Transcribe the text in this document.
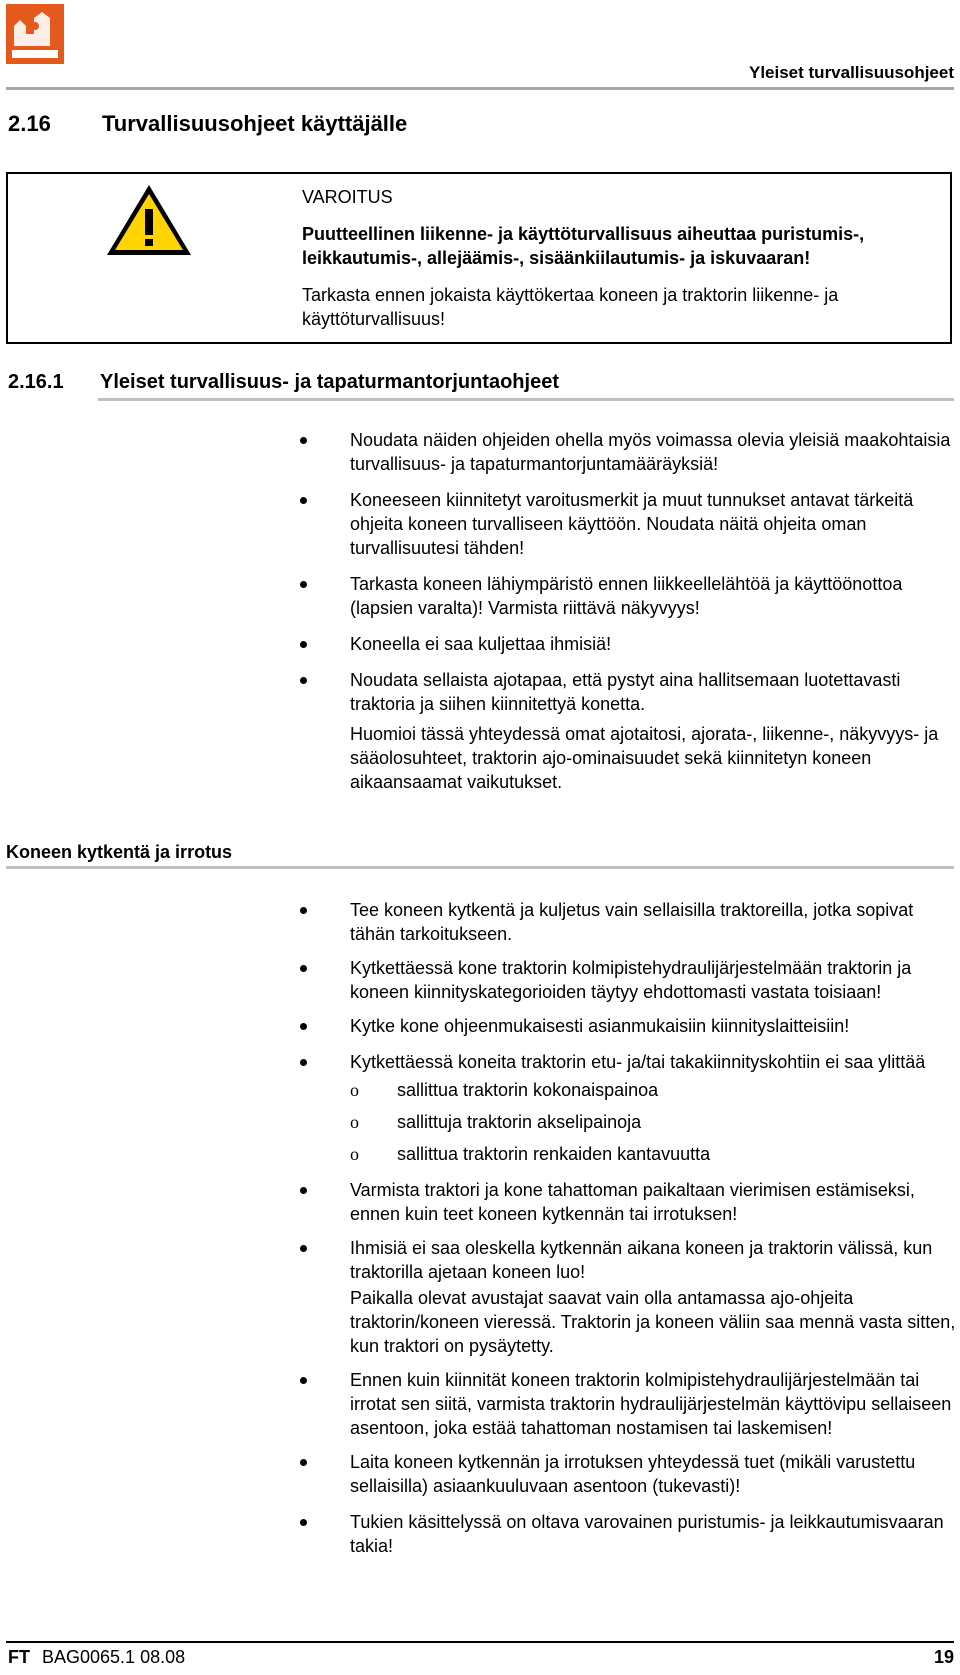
Yleiset turvallisuusohjeet
2.16 Turvallisuusohjeet käyttäjälle
VAROITUS
Puutteellinen liikenne- ja käyttöturvallisuus aiheuttaa puristumis-, leikkautumis-, allejäämis-, sisäänkiilautumis- ja iskuvaaran!
Tarkasta ennen jokaista käyttökertaa koneen ja traktorin liikenne- ja käyttöturvallisuus!
2.16.1 Yleiset turvallisuus- ja tapaturmantorjuntaohjeet
Noudata näiden ohjeiden ohella myös voimassa olevia yleisiä maakohtaisia turvallisuus- ja tapaturmantorjuntamääräyksiä!
Koneeseen kiinnitetyt varoitusmerkit ja muut tunnukset antavat tärkeitä ohjeita koneen turvalliseen käyttöön. Noudata näitä ohjeita oman turvallisuutesi tähden!
Tarkasta koneen lähiympäristö ennen liikkeellelähtöä ja käyttöönottoa (lapsien varalta)! Varmista riittävä näkyvyys!
Koneella ei saa kuljettaa ihmisiä!
Noudata sellaista ajotapaa, että pystyt aina hallitsemaan luotettavasti traktoria ja siihen kiinnitettyä konetta.
Huomioi tässä yhteydessä omat ajotaitosi, ajorata-, liikenne-, näkyvyys- ja sääolosuhteet, traktorin ajo-ominaisuudet sekä kiinnitetyn koneen aikaansaamat vaikutukset.
Koneen kytkentä ja irrotus
Tee koneen kytkentä ja kuljetus vain sellaisilla traktoreilla, jotka sopivat tähän tarkoitukseen.
Kytkettäessä kone traktorin kolmipistehydraulijärjestelmään traktorin ja koneen kiinnityskategorioiden täytyy ehdottomasti vastata toisiaan!
Kytke kone ohjeenmukaisesti asianmukaisiin kiinnityslaitteisiin!
Kytkettäessä koneita traktorin etu- ja/tai takakiinnityskohtiin ei saa ylittää
o sallittua traktorin kokonaispainoa
o sallittuja traktorin akselipainoja
o sallittua traktorin renkaiden kantavuutta
Varmista traktori ja kone tahattoman paikaltaan vierimisen estämiseksi, ennen kuin teet koneen kytkennän tai irrotuksen!
Ihmisiä ei saa oleskella kytkennän aikana koneen ja traktorin välissä, kun traktorilla ajetaan koneen luo!
Paikalla olevat avustajat saavat vain olla antamassa ajo-ohjeita traktorin/koneen vieressä. Traktorin ja koneen väliin saa mennä vasta sitten, kun traktori on pysäytetty.
Ennen kuin kiinnität koneen traktorin kolmipistehydraulijärjestelmään tai irrotat sen siitä, varmista traktorin hydraulijärjestelmän käyttövipu sellaiseen asentoon, joka estää tahattoman nostamisen tai laskemisen!
Laita koneen kytkennän ja irrotuksen yhteydessä tuet (mikäli varustettu sellaisilla) asiaankuuluvaan asentoon (tukevasti)!
Tukien käsittelyssä on oltava varovainen puristumis- ja leikkautumisvaaran takia!
FT BAG0065.1 08.08	19
